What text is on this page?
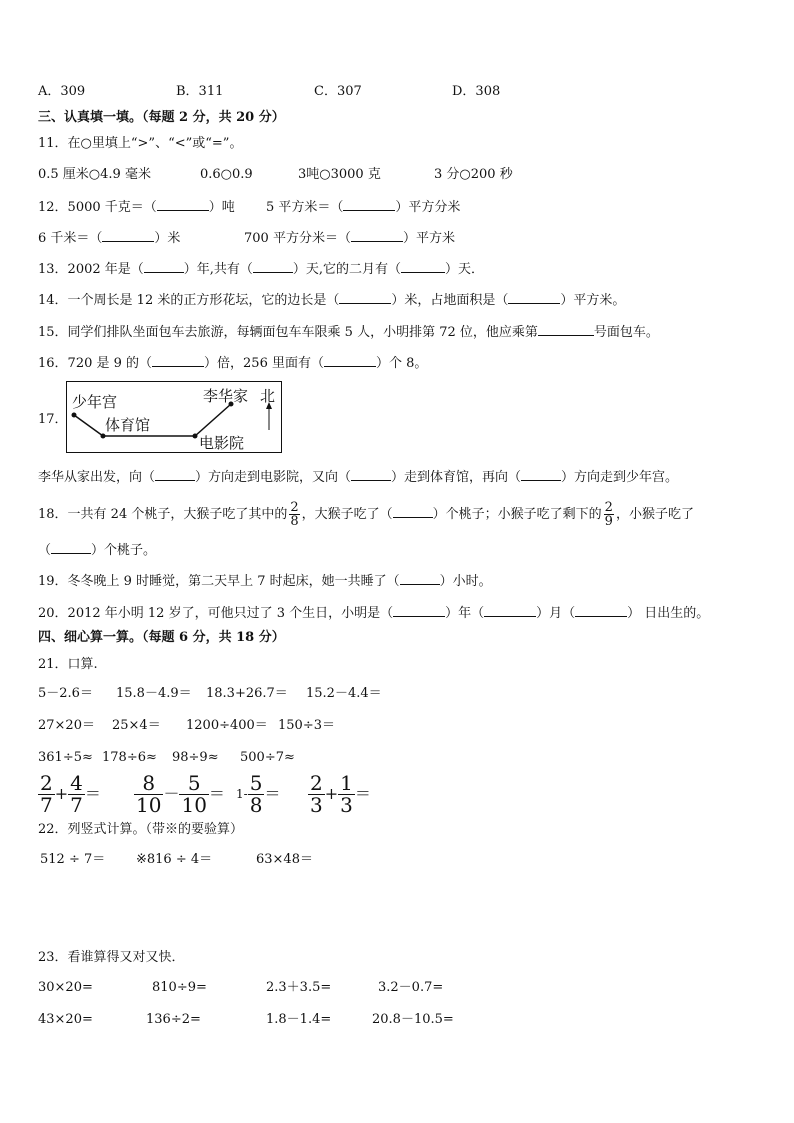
A．309	B．311	C．307	D．308
三、认真填一填。（每题 2 分，共 20 分）
11．在○里填上“>”、“<”或“=”。
0.5 厘米○4.9 毫米	0.6○0.9	3吨○3000 克	3 分○200 秒
12．5000 千克＝（	）吨 5 平方米＝（	）平方分米
6 千米＝（	）米	700 平方分米＝（	）平方米
13．2002 年是（	）年,共有（	）天,它的二月有（	）天．
14．一个周长是 12 米的正方形花坛，它的边长是（	）米，占地面积是（	）平方米。
15．同学们排队坐面包车去旅游，每辆面包车车限乘 5 人，小明排第 72 位，他应乘第	号面包车。
16．720 是 9 的（	）倍，256 里面有（	）个 8。
17．
少年宫
体育馆
李华家
电影院
北
李华从家出发，向（	）方向走到电影院，又向（	）走到体育馆，再向（	）方向走到少年宫。
18．一共有 24 个桃子，大猴子吃了其中的 $\frac{2}{8}$ ，大猴子吃了（	）个桃子；小猴子吃了剩下的 $\frac{2}{9}$ ，小猴子吃了
（	）个桃子。
19．冬冬晚上 9 时睡觉，第二天早上 7 时起床，她一共睡了（	）小时。
20．2012 年小明 12 岁了，可他只过了 3 个生日，小明是（	）年（	）月（	） 日出生的。
四、细心算一算。（每题 6 分，共 18 分）
21．口算.
5－2.6＝ 15.8－4.9＝ 18.3+26.7＝ 15.2－4.4＝
27×20＝ 25×4＝ 1200÷400＝ 150÷3＝
361÷5≈ 178÷6≈ 98÷9≈ 500÷7≈
$\frac{2}{7} + \frac{4}{7} = \frac{8}{10} - \frac{5}{10} = 1- \frac{5}{8} = \frac{2}{3} + \frac{1}{3}$ ＝
22．列竖式计算。（带※的要验算）
512 ÷ 7＝ ※816 ÷ 4＝	63×48＝
23．看谁算得又对又快．
30×20=	810÷9=	2.3＋3.5=	3.2－0.7=
43×20=	136÷2=	1.8－1.4=	20.8－10.5=
